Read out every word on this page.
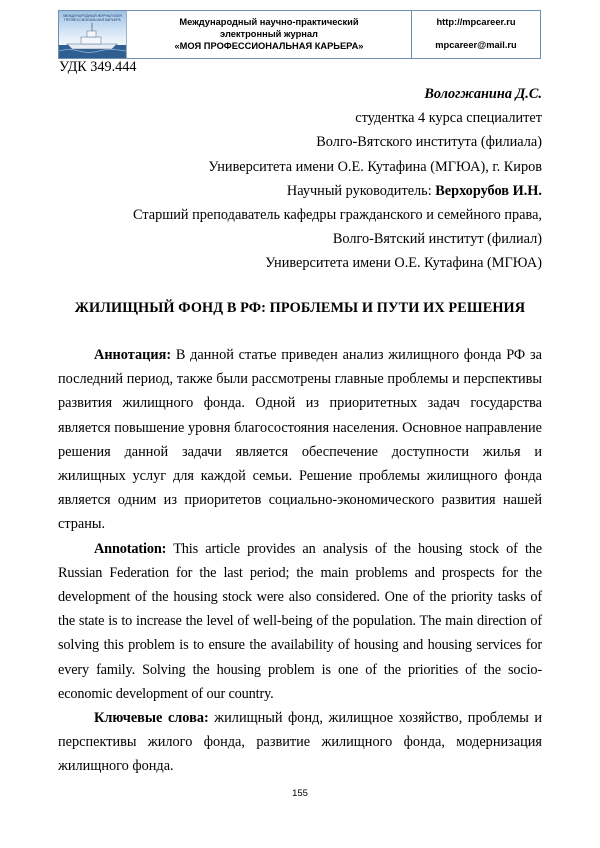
МЕЖДУНАРОДНЫЙ ЖУРНАЛ МОЯ ПРОФЕССИОНАЛЬНАЯ КАРЬЕРА	Международный научно-практический
электронный журнал
«МОЯ ПРОФЕССИОНАЛЬНАЯ КАРЬЕРА»
http://mpcareer.ru
mpcareer@mail.ru
УДК 349.444
Вологжанина Д.С.
студентка 4 курса специалитет
Волго-Вятского института (филиала)
Университета имени О.Е. Кутафина (МГЮА), г. Киров
Научный руководитель: Верхорубов И.Н.
Старший преподаватель кафедры гражданского и семейного права,
Волго-Вятский институт (филиал)
Университета имени О.Е. Кутафина (МГЮА)
ЖИЛИЩНЫЙ ФОНД В РФ: ПРОБЛЕМЫ И ПУТИ ИХ РЕШЕНИЯ

Аннотация: В данной статье приведен анализ жилищного фонда РФ за последний период, также были рассмотрены главные проблемы и перспективы развития жилищного фонда. Одной из приоритетных задач государства является повышение уровня благосостояния населения. Основное направление решения данной задачи является обеспечение доступности жилья и жилищных услуг для каждой семьи. Решение проблемы жилищного фонда является одним из приоритетов социально-экономического развития нашей страны.

Annotation: This article provides an analysis of the housing stock of the Russian Federation for the last period; the main problems and prospects for the development of the housing stock were also considered. One of the priority tasks of the state is to increase the level of well-being of the population. The main direction of solving this problem is to ensure the availability of housing and housing services for every family. Solving the housing problem is one of the priorities of the socio-economic development of our country.

Ключевые слова: жилищный фонд, жилищное хозяйство, проблемы и перспективы жилого фонда, развитие жилищного фонда, модернизация жилищного фонда.

155
